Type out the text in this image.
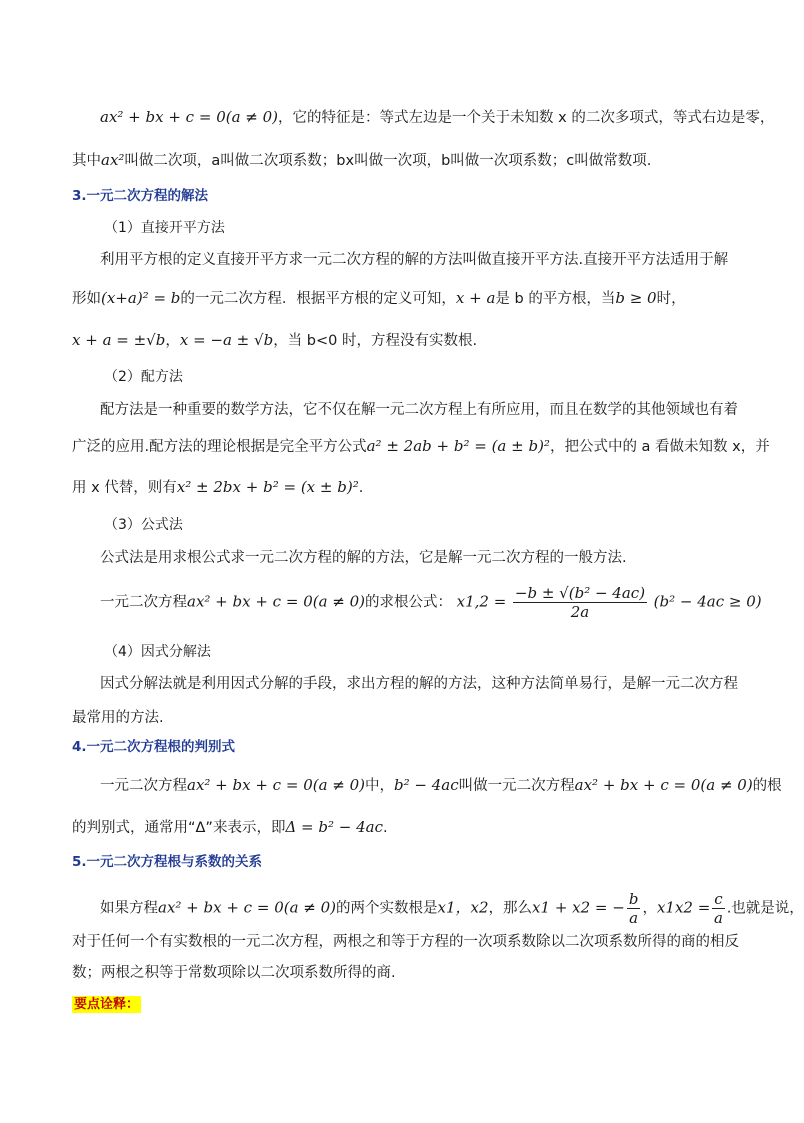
ax² + bx + c = 0(a ≠ 0)，它的特征是：等式左边是一个关于未知数 x 的二次多项式，等式右边是零，
其中ax²叫做二次项，a叫做二次项系数；bx叫做一次项，b叫做一次项系数；c叫做常数项.
3.一元二次方程的解法
（1）直接开平方法
利用平方根的定义直接开平方求一元二次方程的解的方法叫做直接开平方法.直接开平方法适用于解
形如(x+a)² = b的一元二次方程．根据平方根的定义可知，x + a是 b 的平方根，当b ≥ 0时，
x + a = ±√b，x = −a ± √b，当 b<0 时，方程没有实数根.
（2）配方法
配方法是一种重要的数学方法，它不仅在解一元二次方程上有所应用，而且在数学的其他领域也有着
广泛的应用.配方法的理论根据是完全平方公式a² ± 2ab + b² = (a ± b)²，把公式中的 a 看做未知数 x，并
用 x 代替，则有x² ± 2bx + b² = (x ± b)².
（3）公式法
公式法是用求根公式求一元二次方程的解的方法，它是解一元二次方程的一般方法.
一元二次方程ax² + bx + c = 0(a ≠ 0)的求根公式： $x1,2 = \frac{\text{−b ± √(b² − 4ac)}}{2a} (b^2 - 4ac \ge 0)$
（4）因式分解法
因式分解法就是利用因式分解的手段，求出方程的解的方法，这种方法简单易行，是解一元二次方程
最常用的方法.
4.一元二次方程根的判别式
一元二次方程ax² + bx + c = 0(a ≠ 0)中，b² − 4ac叫做一元二次方程ax² + bx + c = 0(a ≠ 0)的根
的判别式，通常用“Δ”来表示，即Δ = b² − 4ac.
5.一元二次方程根与系数的关系
如果方程ax² + bx + c = 0(a ≠ 0)的两个实数根是x1，x2，那么x1 + x2 = − $\frac{b}{a}$ ，$x1x2 = \frac{c}{a}$ .也就是说，
对于任何一个有实数根的一元二次方程，两根之和等于方程的一次项系数除以二次项系数所得的商的相反
数；两根之积等于常数项除以二次项系数所得的商.
要点诠释：
